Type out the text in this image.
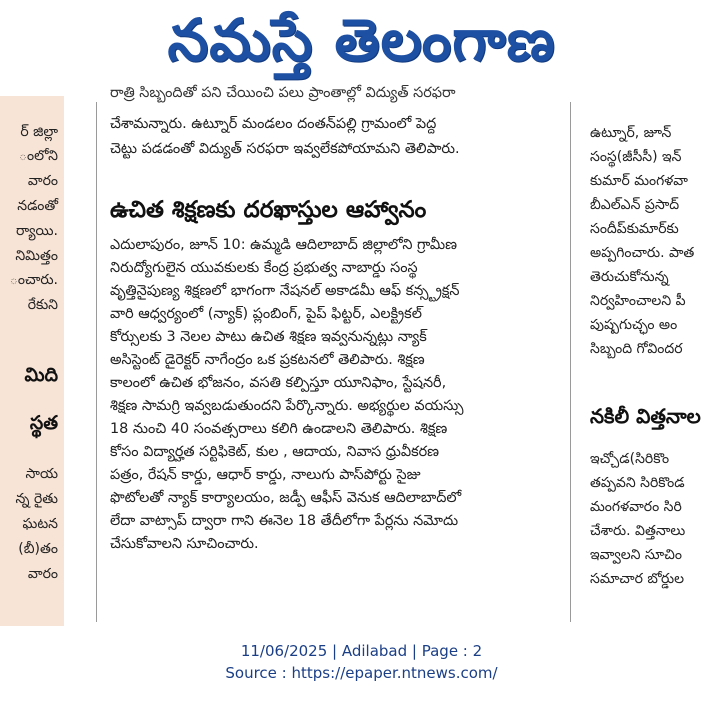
నమస్తే తెలంగాణ
ర్ జిల్లా
ంలోని
వారం
నడంతో
ర్యాయి.
నిమిత్తం
ంచారు.
రేకుని
మిది
స్థత
సాయ
న్న రైతు
ఘటన
(బీ)తం
వారం
రాత్రి సిబ్బందితో పని చేయించి పలు ప్రాంతాల్లో విద్యుత్ సరఫరా
చేశామన్నారు. ఉట్నూర్ మండలం దంతన్‌పల్లి గ్రామంలో పెద్ద
చెట్టు పడడంతో విద్యుత్ సరఫరా ఇవ్వలేకపోయామని తెలిపారు.
ఉచిత శిక్షణకు దరఖాస్తుల ఆహ్వానం
ఎదులాపురం, జూన్ 10: ఉమ్మడి ఆదిలాబాద్ జిల్లాలోని గ్రామీణ
నిరుద్యోగులైన యువకులకు కేంద్ర ప్రభుత్వ నాబార్డు సంస్థ
వృత్తినైపుణ్య శిక్షణలో భాగంగా నేషనల్ అకాడమీ ఆఫ్ కన్స్ట్రక్షన్
వారి ఆధ్వర్యంలో (న్యాక్) ప్లంబింగ్, పైప్ ఫిట్టర్, ఎలక్ట్రికల్
కోర్సులకు 3 నెలల పాటు ఉచిత శిక్షణ ఇవ్వనున్నట్లు న్యాక్
అసిస్టెంట్ డైరెక్టర్ నాగేంద్రం ఒక ప్రకటనలో తెలిపారు. శిక్షణ
కాలంలో ఉచిత భోజనం, వసతి కల్పిస్తూ యూనిఫాం, స్టేషనరీ,
శిక్షణ సామగ్రి ఇవ్వబడుతుందని పేర్కొన్నారు. అభ్యర్థుల వయస్సు
18 నుంచి 40 సంవత్సరాలు కలిగి ఉండాలని తెలిపారు. శిక్షణ
కోసం విద్యార్హత సర్టిఫికెట్, కుల , ఆదాయ, నివాస ధ్రువీకరణ
పత్రం, రేషన్ కార్డు, ఆధార్ కార్డు, నాలుగు పాస్‌పోర్టు సైజు
ఫొటోలతో న్యాక్ కార్యాలయం, జడ్పీ ఆఫీస్ వెనుక ఆదిలాబాద్‌లో
లేదా వాట్సాప్ ద్వారా గాని ఈనెల 18 తేదీలోగా పేర్లను నమోదు
చేసుకోవాలని సూచించారు.
ఉట్నూర్, జూన్
సంస్థ(జీసీసీ) ఇన్
కుమార్ మంగళవా
బీఎల్ఎన్ ప్రసాద్
సందీప్‌కుమార్‌కు
అప్పగించారు. పాత
తెరుచుకోనున్న
నిర్వహించాలని పీ
పుష్పగుచ్ఛం అం
సిబ్బంది గోవిందర
నకిలీ విత్తనాల
ఇచ్చోడ(సిరికొం
తప్పవని సిరికొండ
మంగళవారం సిరి
చేశారు. విత్తనాలు
ఇవ్వాలని సూచిం
సమాచార బోర్డుల
11/06/2025 | Adilabad | Page : 2
Source : https://epaper.ntnews.com/
